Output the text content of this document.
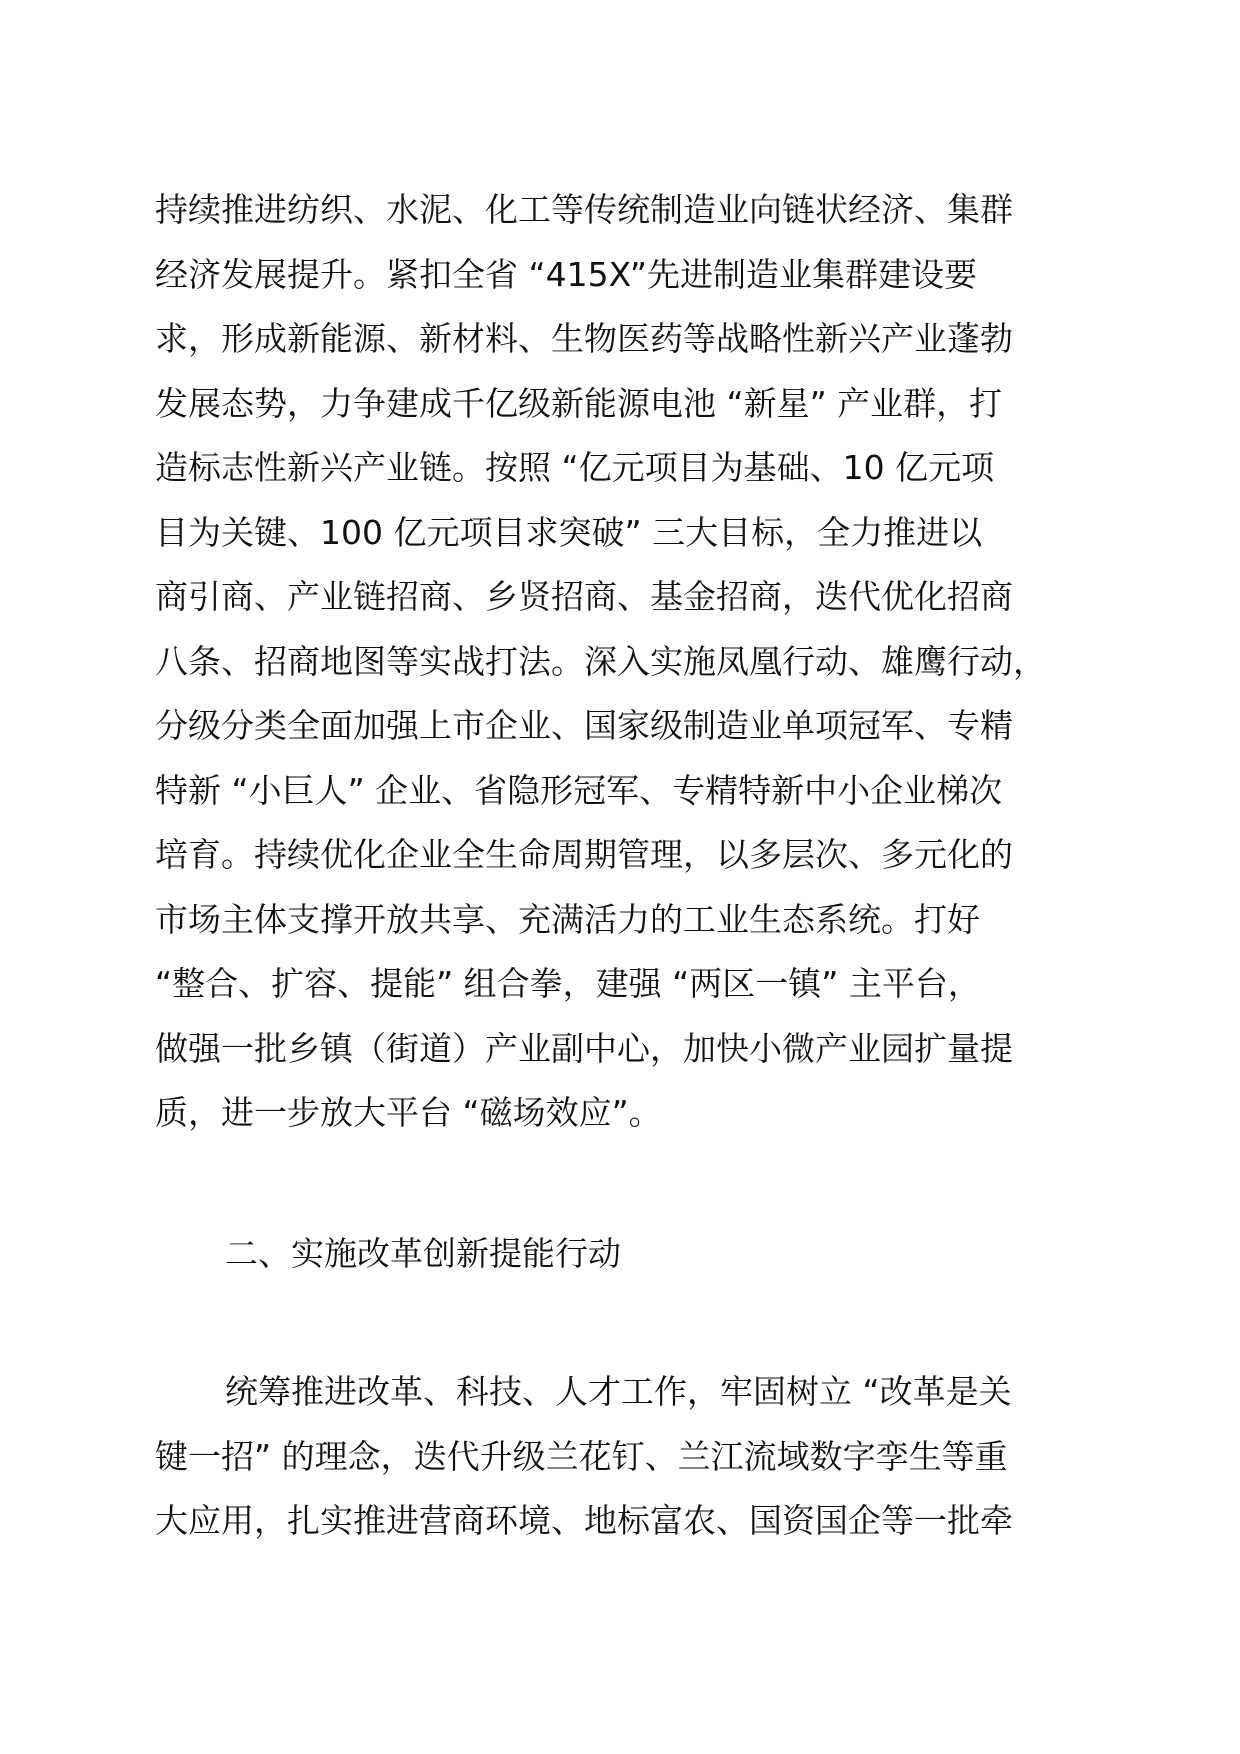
持续推进纺织、水泥、化工等传统制造业向链状经济、集群
经济发展提升。紧扣全省 “415X”先进制造业集群建设要
求，形成新能源、新材料、生物医药等战略性新兴产业蓬勃
发展态势，力争建成千亿级新能源电池 “新星” 产业群，打
造标志性新兴产业链。按照 “亿元项目为基础、10 亿元项
目为关键、100 亿元项目求突破” 三大目标，全力推进以
商引商、产业链招商、乡贤招商、基金招商，迭代优化招商
八条、招商地图等实战打法。深入实施凤凰行动、雄鹰行动，
分级分类全面加强上市企业、国家级制造业单项冠军、专精
特新 “小巨人” 企业、省隐形冠军、专精特新中小企业梯次
培育。持续优化企业全生命周期管理，以多层次、多元化的
市场主体支撑开放共享、充满活力的工业生态系统。打好
“整合、扩容、提能” 组合拳，建强 “两区一镇” 主平台，
做强一批乡镇（街道）产业副中心，加快小微产业园扩量提
质，进一步放大平台 “磁场效应”。
二、实施改革创新提能行动
统筹推进改革、科技、人才工作，牢固树立 “改革是关
键一招” 的理念，迭代升级兰花钉、兰江流域数字孪生等重
大应用，扎实推进营商环境、地标富农、国资国企等一批牵
